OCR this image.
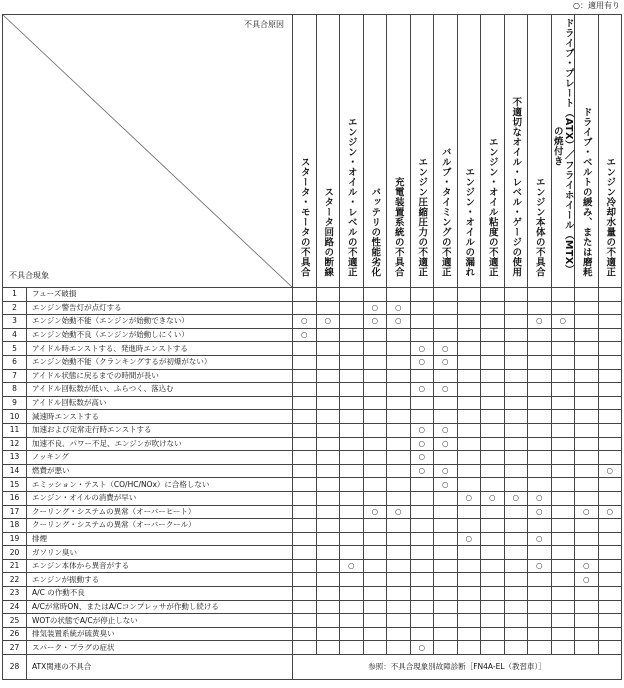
○：適用有り
不具合原因
不具合現象		スタータ・モータの不具合	スタータ回路の断線	エンジン・オイル・レベルの不適正	バッテリの性能劣化	充電装置系統の不具合	エンジン圧縮圧力の不適正	バルブ・タイミングの不適正	エンジン・オイルの漏れ	エンジン・オイル粘度の不適正	不適切なオイル・レベル・ゲージの使用	エンジン本体の不具合	ドライブ・プレート（ATX）／フライホイール（MTX）の焼付き	ドライブ・ベルトの緩み、または磨耗	エンジン冷却水量の不適正
1	フューズ破損														
2	エンジン警告灯が点灯する				○	○									
3	エンジン始動不能（エンジンが始動できない）	○	○		○	○						○	○		
4	エンジン始動不良（エンジンが始動しにくい）	○													
5	アイドル時エンストする、発進時エンストする						○	○							
6	エンジン始動不能（クランキングするが初爆がない）						○	○							
7	アイドル状態に戻るまでの時間が長い														
8	アイドル回転数が低い、ふらつく、落込む						○	○							
9	アイドル回転数が高い														
10	減速時エンストする														
11	加速および定常走行時エンストする						○	○							
12	加速不良、パワー不足、エンジンが吹けない						○	○							
13	ノッキング						○								
14	燃費が悪い						○	○							○
15	エミッション・テスト（CO/HC/NOx）に合格しない							○							
16	エンジン・オイルの消費が早い								○	○	○	○			
17	クーリング・システムの異常（オーバーヒート）				○	○						○		○	○
18	クーリング・システムの異常（オーバークール）														
19	排煙								○			○			
20	ガソリン臭い														
21	エンジン本体から異音がする			○								○		○	
22	エンジンが振動する													○	
23	A/C の作動不良														
24	A/Cが常時ON、またはA/Cコンプレッサが作動し続ける														
25	WOTの状態でA/Cが停止しない														
26	排気装置系統が硫黄臭い														
27	スパーク・プラグの症状						○								
28	ATX関連の不具合	参照：不具合現象別故障診断［FN4A-EL（教習車）］													
